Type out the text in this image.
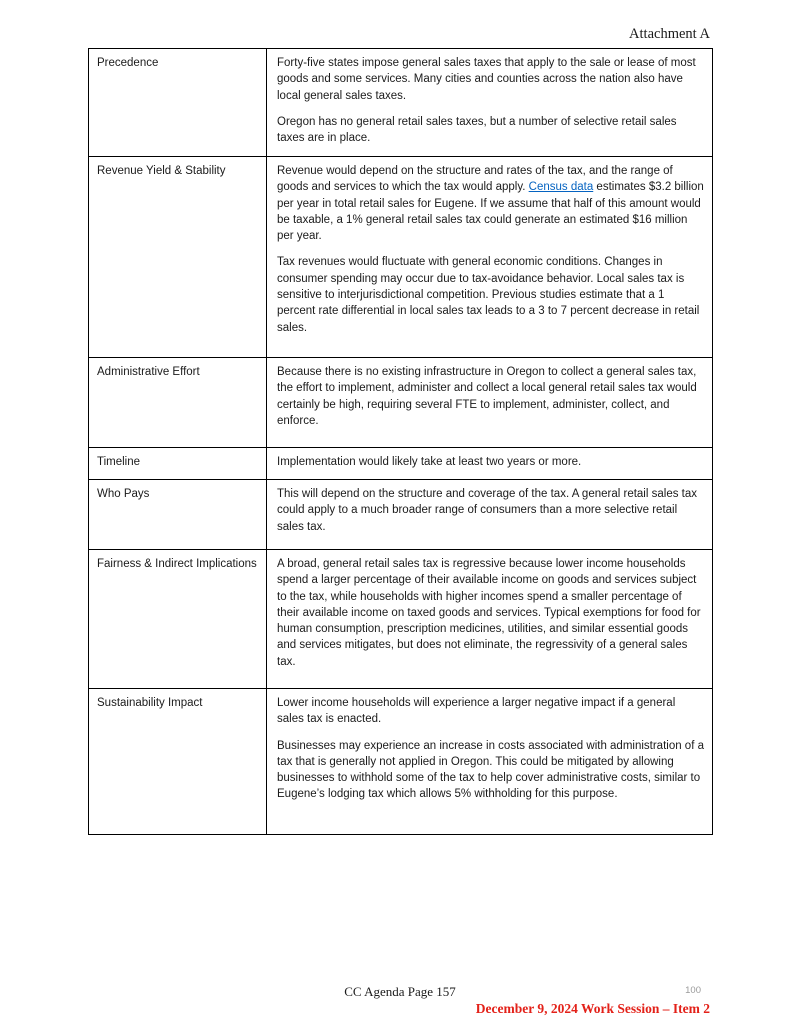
Attachment A
Precedence	Forty-five states impose general sales taxes that apply to the sale or lease of most goods and some services. Many cities and counties across the nation also have local general sales taxes.

Oregon has no general retail sales taxes, but a number of selective retail sales taxes are in place.

Revenue Yield & Stability	Revenue would depend on the structure and rates of the tax, and the range of goods and services to which the tax would apply. Census data estimates $3.2 billion per year in total retail sales for Eugene. If we assume that half of this amount would be taxable, a 1% general retail sales tax could generate an estimated $16 million per year.

Tax revenues would fluctuate with general economic conditions. Changes in consumer spending may occur due to tax-avoidance behavior. Local sales tax is sensitive to interjurisdictional competition. Previous studies estimate that a 1 percent rate differential in local sales tax leads to a 3 to 7 percent decrease in retail sales.

Administrative Effort	Because there is no existing infrastructure in Oregon to collect a general sales tax, the effort to implement, administer and collect a local general retail sales tax would certainly be high, requiring several FTE to implement, administer, collect, and enforce.

Timeline	Implementation would likely take at least two years or more.

Who Pays	This will depend on the structure and coverage of the tax. A general retail sales tax could apply to a much broader range of consumers than a more selective retail sales tax.

Fairness & Indirect Implications	A broad, general retail sales tax is regressive because lower income households spend a larger percentage of their available income on goods and services subject to the tax, while households with higher incomes spend a smaller percentage of their available income on taxed goods and services. Typical exemptions for food for human consumption, prescription medicines, utilities, and similar essential goods and services mitigates, but does not eliminate, the regressivity of a general sales tax.

Sustainability Impact	Lower income households will experience a larger negative impact if a general sales tax is enacted.

Businesses may experience an increase in costs associated with administration of a tax that is generally not applied in Oregon. This could be mitigated by allowing businesses to withhold some of the tax to help cover administrative costs, similar to Eugene’s lodging tax which allows 5% withholding for this purpose.

CC Agenda Page 157	100
December 9, 2024 Work Session – Item 2
